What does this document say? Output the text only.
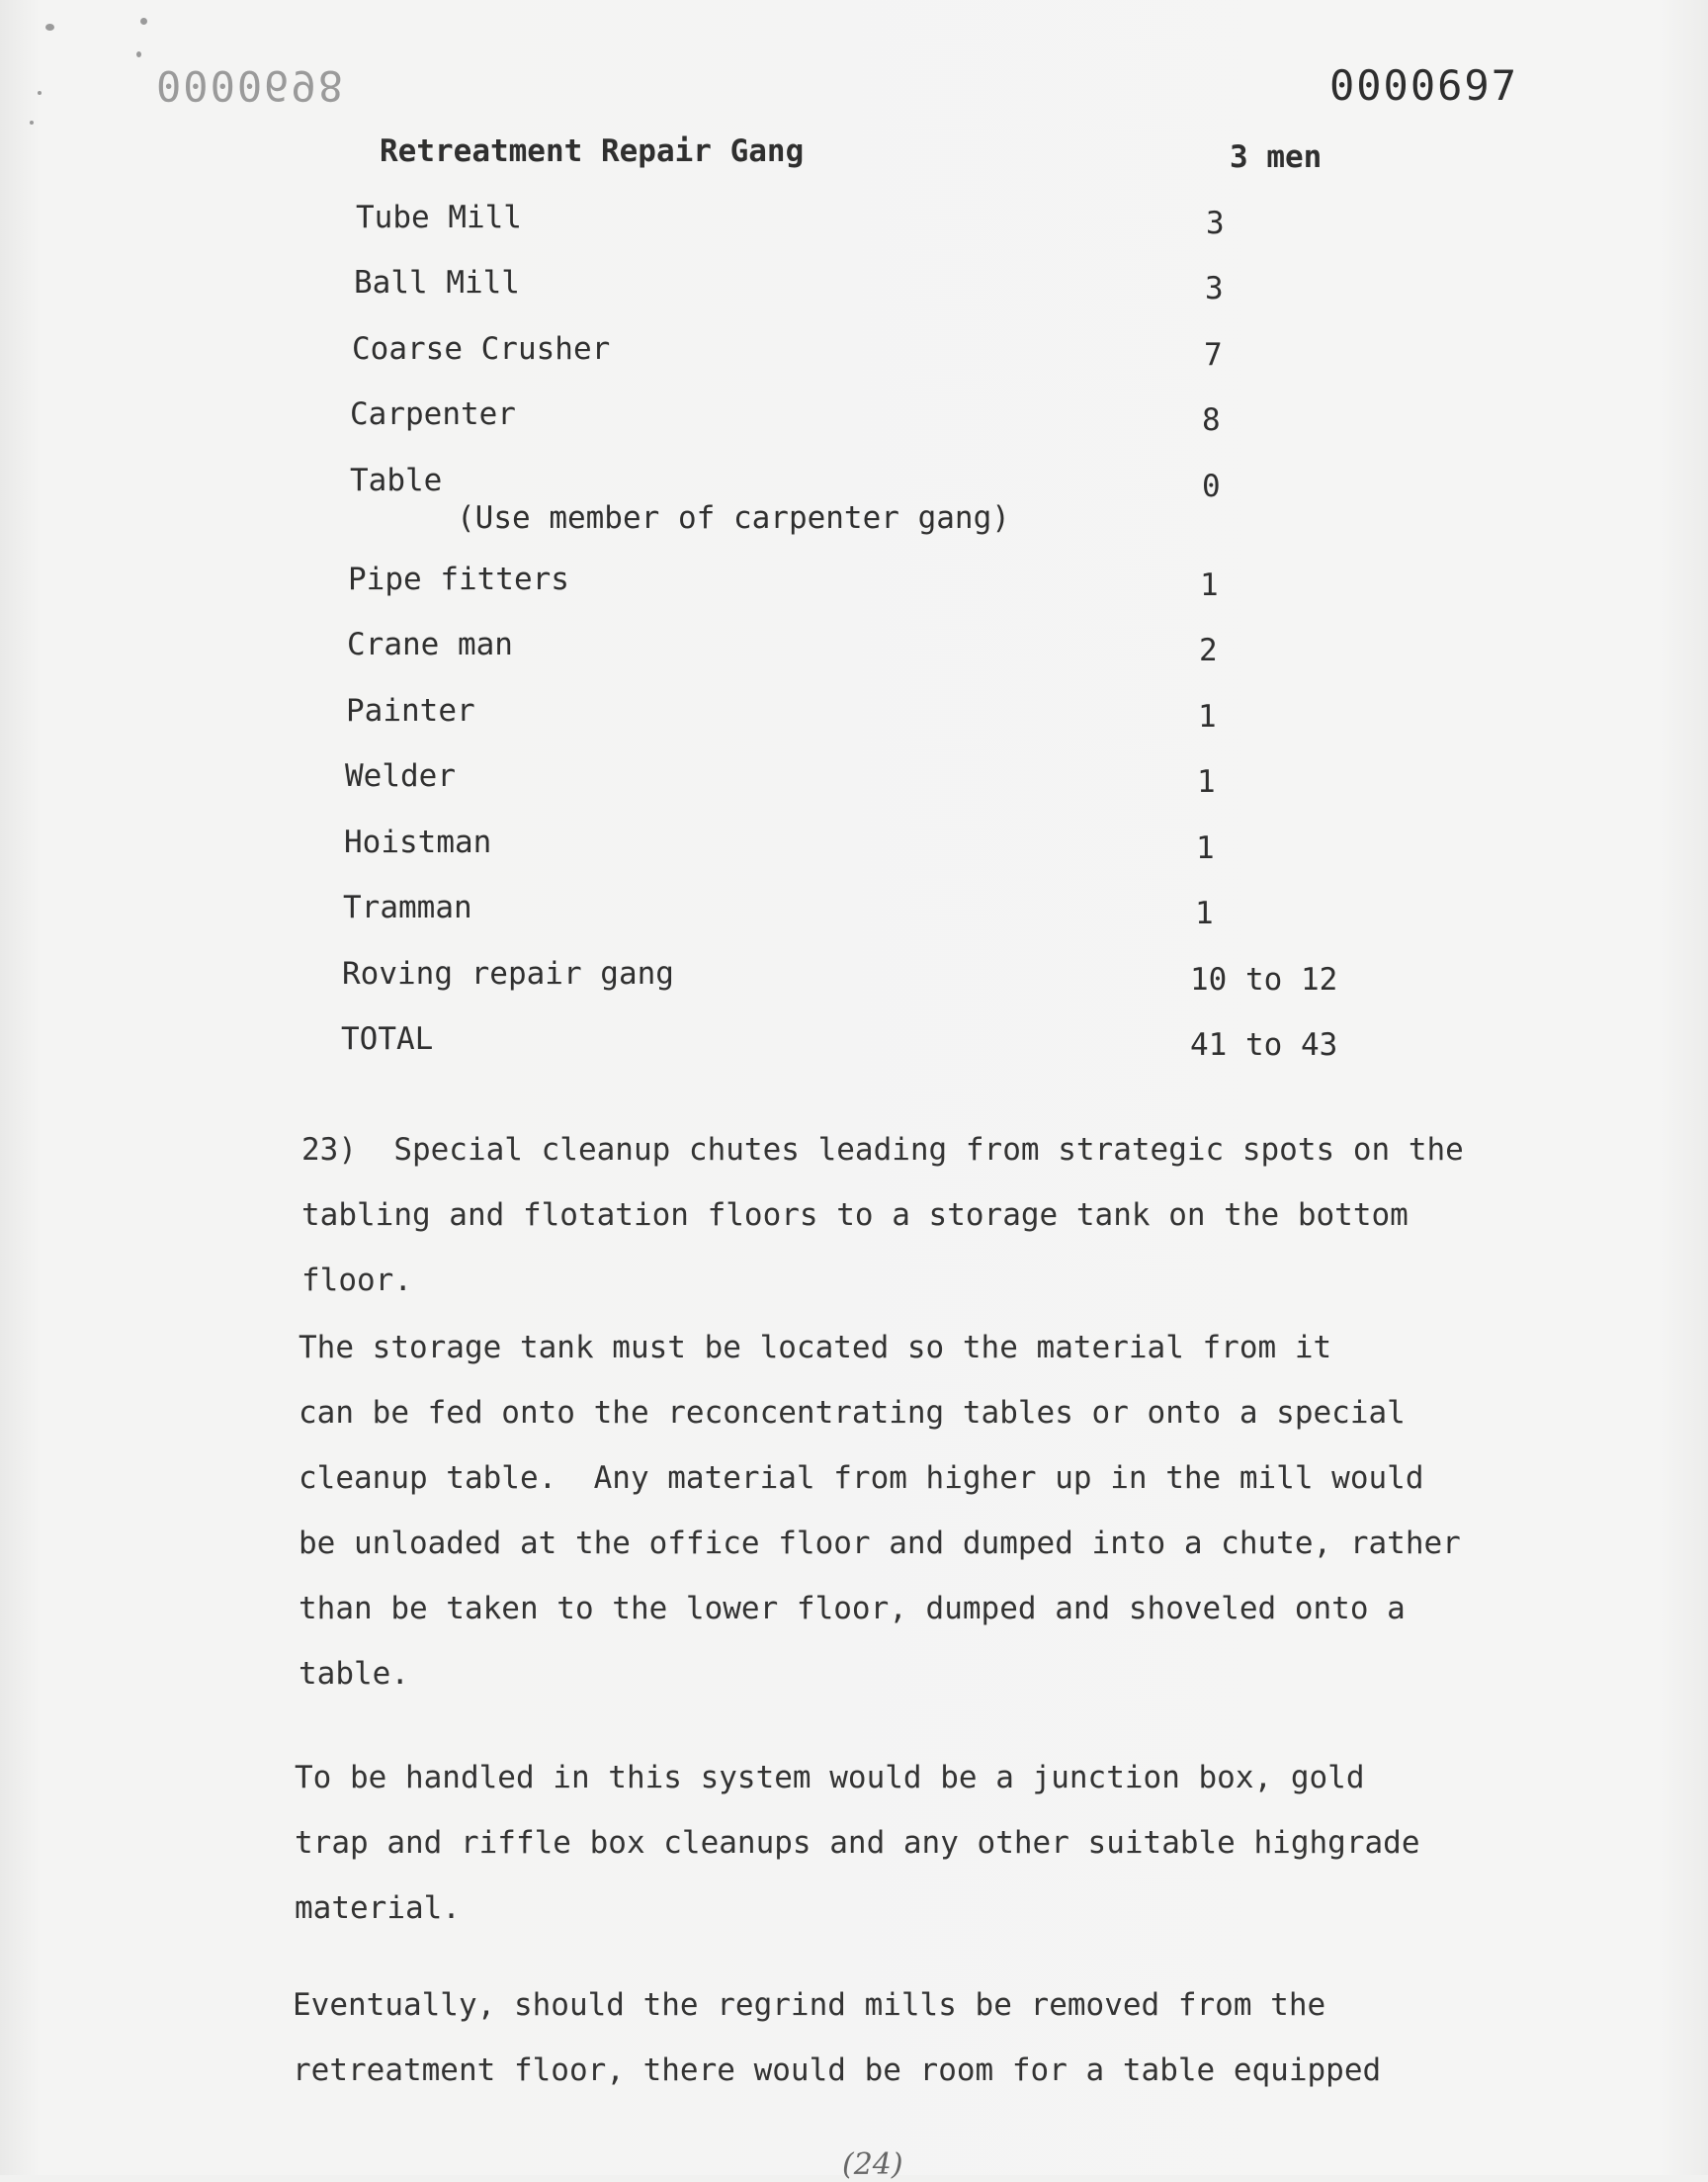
0000698	0000697
Retreatment Repair Gang	3 men
Tube Mill	3
Ball Mill	3
Coarse Crusher	7
Carpenter	8
Table	0
(Use member of carpenter gang)
Pipe fitters	1
Crane man	2
Painter	1
Welder	1
Hoistman	1
Tramman	1
Roving repair gang	10 to 12
TOTAL	41 to 43

23)  Special cleanup chutes leading from strategic spots on the
tabling and flotation floors to a storage tank on the bottom
floor.

The storage tank must be located so the material from it
can be fed onto the reconcentrating tables or onto a special
cleanup table.  Any material from higher up in the mill would
be unloaded at the office floor and dumped into a chute, rather
than be taken to the lower floor, dumped and shoveled onto a
table.

To be handled in this system would be a junction box, gold
trap and riffle box cleanups and any other suitable highgrade
material.

Eventually, should the regrind mills be removed from the
retreatment floor, there would be room for a table equipped

(24)
